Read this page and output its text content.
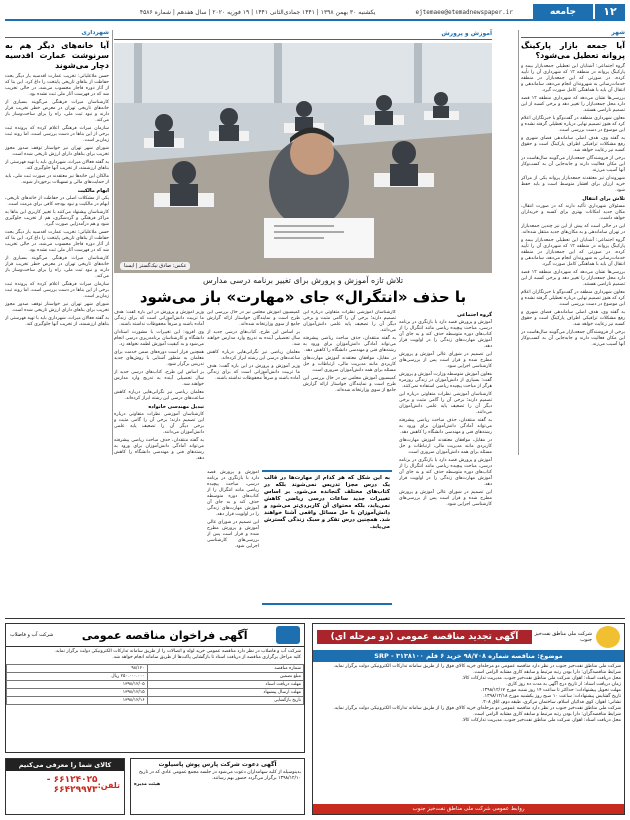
۱۲
جامعه
ejtemaee@etemadnewspaper.ir
یکشنبه ۳۰ بهمن ۱۳۹۸ | ۱۴۴۱ جمادی‌الثانی ۱۴۴۱ | ۱۹ فوریه ۲۰۲۰ | سال هفدهم | شماره ۴۵۸۶
شهر
آیا جمعه بازار پارکینگ پروانه تعطیل می‌شود؟

گروه اجتماعی: آشنایان این تعطیلی جمعه‌بازار بیمه و پارکینگ پروانه در منطقه ۱۲ که شهرداری آن را تأیید کرده، در صورتی که این جمعه‌بازار در منطقه خدمات‌رسانی به شهروندان انجام می‌دهد، ساماندهی و انتقال آن باید با هماهنگی کامل صورت گیرد.

بررسی‌ها نشان می‌دهد که شهرداری منطقه ۱۲ قصد دارد محل جمعه‌بازار را تغییر دهد و برخی کسبه از این تصمیم ناراضی هستند.

معاون شهرداری منطقه در گفت‌وگو با خبرنگاران اعلام کرد که هنوز تصمیم نهایی درباره تعطیلی گرفته نشده و این موضوع در دست بررسی است.

به گفته وی، هدف اصلی ساماندهی فضای شهری و رفع مشکلات ترافیکی اطراف پارکینگ است و حقوق کسبه نیز رعایت خواهد شد.

برخی از فروشندگان جمعه‌بازار می‌گویند سال‌هاست در این مکان فعالیت دارند و جابه‌جایی آن به کسب‌وکار آنها آسیب می‌زند.

شهروندان نیز معتقدند جمعه‌بازار پروانه یکی از مراکز خرید ارزان برای اقشار متوسط است و باید حفظ شود.

تلاش برای انتقال

مسئولان شهرداری تأکید دارند که در صورت انتقال، مکان جدید امکانات بهتری برای کسبه و خریداران خواهد داشت.

این در حالی است که پیش از این نیز چندین جمعه‌بازار در تهران ساماندهی و به مکان‌های جدید منتقل شده‌اند.

گروه اجتماعی: آشنایان این تعطیلی جمعه‌بازار بیمه و پارکینگ پروانه در منطقه ۱۲ که شهرداری آن را تأیید کرده، در صورتی که این جمعه‌بازار در منطقه خدمات‌رسانی به شهروندان انجام می‌دهد، ساماندهی و انتقال آن باید با هماهنگی کامل صورت گیرد.

بررسی‌ها نشان می‌دهد که شهرداری منطقه ۱۲ قصد دارد محل جمعه‌بازار را تغییر دهد و برخی کسبه از این تصمیم ناراضی هستند.

معاون شهرداری منطقه در گفت‌وگو با خبرنگاران اعلام کرد که هنوز تصمیم نهایی درباره تعطیلی گرفته نشده و این موضوع در دست بررسی است.

به گفته وی، هدف اصلی ساماندهی فضای شهری و رفع مشکلات ترافیکی اطراف پارکینگ است و حقوق کسبه نیز رعایت خواهد شد.

برخی از فروشندگان جمعه‌بازار می‌گویند سال‌هاست در این مکان فعالیت دارند و جابه‌جایی آن به کسب‌وکار آنها آسیب می‌زند.

شهرداری
آیا خانه‌های دیگر هم به سرنوشت عمارت اقدسیه دچار می‌شوند

حسن ملاعلیانی: تخریب عمارت اقدسیه بار دیگر بحث حفاظت از بناهای تاریخی پایتخت را داغ کرد. این بنا که از آثار دوره قاجار محسوب می‌شد، در حالی تخریب شد که در فهرست آثار ملی ثبت نشده بود.

کارشناسان میراث فرهنگی می‌گویند بسیاری از خانه‌های تاریخی تهران در معرض خطر تخریب قرار دارند و نبود ثبت ملی، راه را برای ساخت‌وساز باز می‌کند.

سازمان میراث فرهنگی اعلام کرده که پرونده ثبت برخی از این بناها در دست بررسی است، اما روند ثبت زمان‌بر است.

شورای شهر تهران نیز خواستار توقف صدور مجوز تخریب برای بناهای دارای ارزش تاریخی شده است.

به گفته فعالان میراث، شهرداری باید با تهیه فهرستی از بناهای ارزشمند، از تخریب آنها جلوگیری کند.

مالکان این خانه‌ها نیز معتقدند در صورت ثبت ملی، باید از حمایت‌های مالی و تسهیلات برخوردار شوند.

ابهام مالکیت

یکی از مشکلات اصلی در حفاظت از خانه‌های تاریخی، ابهام در مالکیت و نبود بودجه کافی برای مرمت است.

کارشناسان پیشنهاد می‌کنند با تغییر کاربری این بناها به مراکز فرهنگی و گردشگری، هم از تخریب جلوگیری شود و هم درآمدزایی صورت گیرد.

حسن ملاعلیانی: تخریب عمارت اقدسیه بار دیگر بحث حفاظت از بناهای تاریخی پایتخت را داغ کرد. این بنا که از آثار دوره قاجار محسوب می‌شد، در حالی تخریب شد که در فهرست آثار ملی ثبت نشده بود.

کارشناسان میراث فرهنگی می‌گویند بسیاری از خانه‌های تاریخی تهران در معرض خطر تخریب قرار دارند و نبود ثبت ملی، راه را برای ساخت‌وساز باز می‌کند.

سازمان میراث فرهنگی اعلام کرده که پرونده ثبت برخی از این بناها در دست بررسی است، اما روند ثبت زمان‌بر است.

شورای شهر تهران نیز خواستار توقف صدور مجوز تخریب برای بناهای دارای ارزش تاریخی شده است.

به گفته فعالان میراث، شهرداری باید با تهیه فهرستی از بناهای ارزشمند، از تخریب آنها جلوگیری کند.

آموزش و پرورش
عکس: صادق نیک‌گستر | ایسنا
تلاش تازه آموزش و پرورش برای تغییر برنامه درسی مدارس
با حذف «انتگرال» جای «مهارت» باز می‌شود
گروه اجتماعی

آموزش و پرورش قصد دارد با بازنگری در برنامه درسی، مباحث پیچیده ریاضی مانند انتگرال را از کتاب‌های دوره متوسطه حذف کند و به جای آن آموزش مهارت‌های زندگی را در اولویت قرار دهد.

این تصمیم در شورای عالی آموزش و پرورش مطرح شده و قرار است پس از بررسی‌های کارشناسی اجرایی شود.

معاون آموزش متوسطه وزارت آموزش و پرورش گفت: بسیاری از دانش‌آموزان در زندگی روزمره هرگز از مباحث پیچیده ریاضی استفاده نمی‌کنند.

کارشناسان آموزشی نظرات متفاوتی درباره این تصمیم دارند؛ برخی آن را گامی مثبت و برخی دیگر آن را تضعیف پایه علمی دانش‌آموزان می‌دانند.

به گفته منتقدان، حذف مباحث ریاضی پیشرفته می‌تواند آمادگی دانش‌آموزان برای ورود به رشته‌های فنی و مهندسی دانشگاه را کاهش دهد.

در مقابل، موافقان معتقدند آموزش مهارت‌های کاربردی مانند مدیریت مالی، ارتباطات و حل مسئله برای همه دانش‌آموزان ضروری است.

آموزش و پرورش قصد دارد با بازنگری در برنامه درسی، مباحث پیچیده ریاضی مانند انتگرال را از کتاب‌های دوره متوسطه حذف کند و به جای آن آموزش مهارت‌های زندگی را در اولویت قرار دهد.

این تصمیم در شورای عالی آموزش و پرورش مطرح شده و قرار است پس از بررسی‌های کارشناسی اجرایی شود.

کارشناسان آموزشی نظرات متفاوتی درباره این تصمیم دارند؛ برخی آن را گامی مثبت و برخی دیگر آن را تضعیف پایه علمی دانش‌آموزان می‌دانند.

به گفته منتقدان، حذف مباحث ریاضی پیشرفته می‌تواند آمادگی دانش‌آموزان برای ورود به رشته‌های فنی و مهندسی دانشگاه را کاهش دهد.

در مقابل، موافقان معتقدند آموزش مهارت‌های کاربردی مانند مدیریت مالی، ارتباطات و حل مسئله برای همه دانش‌آموزان ضروری است.

کمیسیون آموزش مجلس نیز در حال بررسی این طرح است و نمایندگان خواستار ارائه گزارش جامع از سوی وزارتخانه شده‌اند.

کمیسیون آموزش مجلس نیز در حال بررسی این طرح است و نمایندگان خواستار ارائه گزارش جامع از سوی وزارتخانه شده‌اند.

بر اساس این طرح، کتاب‌های درسی جدید از سال تحصیلی آینده به تدریج وارد مدارس خواهند شد.

معلمان ریاضی نیز نگرانی‌هایی درباره کاهش ساعت‌های درسی این رشته ابراز کرده‌اند.

وزیر آموزش و پرورش در این باره گفت: هدف ما تربیت دانش‌آموزانی است که برای زندگی آماده باشند و صرفاً محفوظات نداشته باشند.

وزیر آموزش و پرورش در این باره گفت: هدف ما تربیت دانش‌آموزانی است که برای زندگی آماده باشند و صرفاً محفوظات نداشته باشند.

وی افزود: این تغییرات با مشورت استادان دانشگاه و کارشناسان برنامه‌ریزی درسی انجام می‌شود و به کیفیت آموزش لطمه نخواهد زد.

همچنین قرار است دوره‌های ضمن خدمت برای معلمان به منظور آشنایی با روش‌های جدید تدریس برگزار شود.

بر اساس این طرح، کتاب‌های درسی جدید از سال تحصیلی آینده به تدریج وارد مدارس خواهند شد.

معلمان ریاضی نیز نگرانی‌هایی درباره کاهش ساعت‌های درسی این رشته ابراز کرده‌اند.

تبدیل مهندسی خانواده

کارشناسان آموزشی نظرات متفاوتی درباره این تصمیم دارند؛ برخی آن را گامی مثبت و برخی دیگر آن را تضعیف پایه علمی دانش‌آموزان می‌دانند.

به گفته منتقدان، حذف مباحث ریاضی پیشرفته می‌تواند آمادگی دانش‌آموزان برای ورود به رشته‌های فنی و مهندسی دانشگاه را کاهش دهد.

به این شکل که هر کدام از مهارت‌ها در قالب یک درس مجزا تدریس نمی‌شوند بلکه در کتاب‌های مختلف گنجانده می‌شود. بر اساس تغییرات جدید ساعات درسی ریاضی کاهش نمی‌یابد، بلکه محتوای آن کاربردی‌تر می‌شود و دانش‌آموزان با حل مسائل واقعی آشنا خواهند شد. همچنین درس تفکر و سبک زندگی گسترش می‌یابد.

آموزش و پرورش قصد دارد با بازنگری در برنامه درسی، مباحث پیچیده ریاضی مانند انتگرال را از کتاب‌های دوره متوسطه حذف کند و به جای آن آموزش مهارت‌های زندگی را در اولویت قرار دهد.

این تصمیم در شورای عالی آموزش و پرورش مطرح شده و قرار است پس از بررسی‌های کارشناسی اجرایی شود.

آگهی فراخوان مناقصه عمومی
شرکت آب و فاضلاب
شرکت آب و فاضلاب در نظر دارد مناقصه عمومی خرید لوله و اتصالات را از طریق سامانه تدارکات الکترونیکی دولت برگزار نماید.
کلیه مراحل برگزاری مناقصه از دریافت اسناد تا بازگشایی پاکت‌ها از طریق سامانه انجام خواهد شد.
شماره مناقصه	۹۸/۱۲۰
مبلغ تضمین	۲۵۰.۰۰۰.۰۰۰ ریال
مهلت دریافت اسناد	۱۳۹۸/۱۲/۰۵
مهلت ارسال پیشنهاد	۱۳۹۸/۱۲/۱۵
تاریخ بازگشایی	۱۳۹۸/۱۲/۱۶
شرکت ملی مناطق نفت‌خیز جنوب
آگهی تجدید مناقصه عمومی (دو مرحله ای)
موضوع: مناقصه شماره ۹۸/۷۰۸ خرید ۶ قلم SRP - ۳۱۳۸۱۰۰
شرکت ملی مناطق نفت‌خیز جنوب در نظر دارد مناقصه عمومی دو مرحله‌ای خرید کالای فوق را از طریق سامانه تدارکات الکترونیکی دولت برگزار نماید.
شرایط مناقصه‌گران: دارا بودن رتبه مرتبط و سابقه کاری مشابه الزامی است.
محل دریافت اسناد: اهواز، شرکت ملی مناطق نفت‌خیز جنوب، مدیریت تدارکات کالا.
زمان دریافت اسناد: از تاریخ درج آگهی به مدت ده روز کاری.
مهلت تحویل پیشنهادات: حداکثر تا ساعت ۱۴ روز شنبه مورخ ۱۳۹۸/۱۲/۱۷.
تاریخ گشایش پیشنهادات: ساعت ۱۰ صبح روز یکشنبه مورخ ۱۳۹۸/۱۲/۱۸.
نشانی: اهواز، کوی فدائیان اسلام، ساختمان مرکزی، طبقه دوم، اتاق ۲۰۸.
شرکت ملی مناطق نفت‌خیز جنوب در نظر دارد مناقصه عمومی دو مرحله‌ای خرید کالای فوق را از طریق سامانه تدارکات الکترونیکی دولت برگزار نماید.
شرایط مناقصه‌گران: دارا بودن رتبه مرتبط و سابقه کاری مشابه الزامی است.
محل دریافت اسناد: اهواز، شرکت ملی مناطق نفت‌خیز جنوب، مدیریت تدارکات کالا.
روابط عمومی شرکت ملی مناطق نفت‌خیز جنوب
کالای شما را معرفی می‌کنیم
تلفن:
۶۶۱۲۴۰۲۵ - ۶۶۴۲۹۹۷۳
آگهی دعوت شرکت پارس پوش پاسیلوت
بدینوسیله از کلیه سهامداران دعوت می‌شود در جلسه مجمع عمومی عادی که در تاریخ ۱۳۹۸/۱۲/۱۰ برگزار می‌گردد حضور بهم رسانند.
هیئت مدیره
